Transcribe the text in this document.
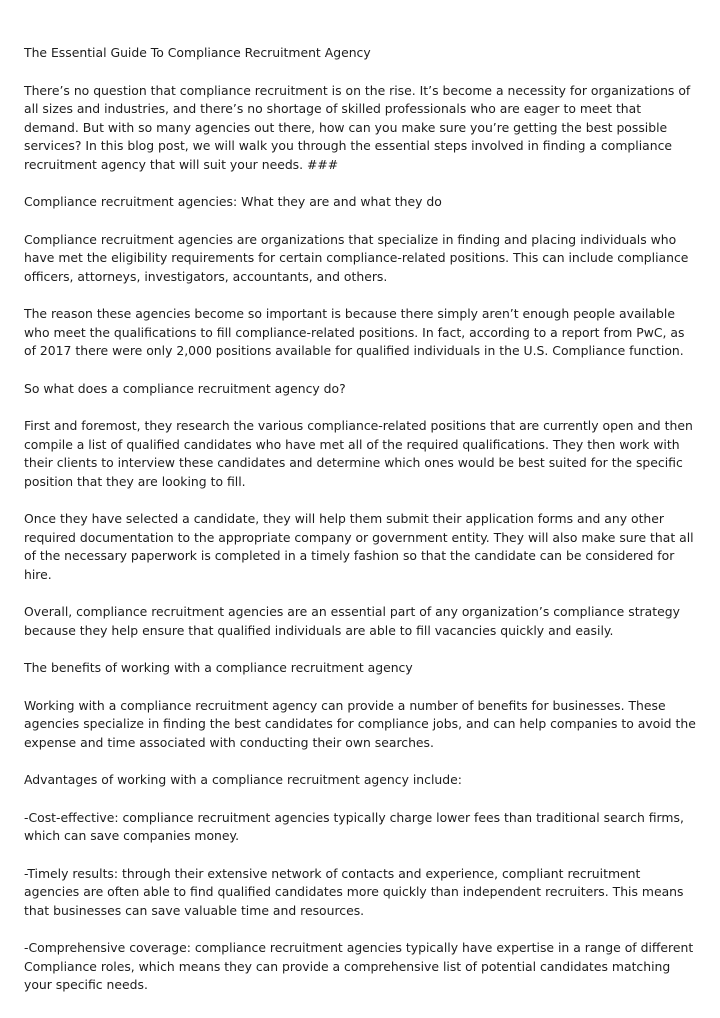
The Essential Guide To Compliance Recruitment Agency

There’s no question that compliance recruitment is on the rise. It’s become a necessity for organizations of all sizes and industries, and there’s no shortage of skilled professionals who are eager to meet that demand. But with so many agencies out there, how can you make sure you’re getting the best possible services? In this blog post, we will walk you through the essential steps involved in finding a compliance recruitment agency that will suit your needs. ###

Compliance recruitment agencies: What they are and what they do

Compliance recruitment agencies are organizations that specialize in finding and placing individuals who have met the eligibility requirements for certain compliance-related positions. This can include compliance officers, attorneys, investigators, accountants, and others.

The reason these agencies become so important is because there simply aren’t enough people available who meet the qualifications to fill compliance-related positions. In fact, according to a report from PwC, as of 2017 there were only 2,000 positions available for qualified individuals in the U.S. Compliance function.

So what does a compliance recruitment agency do?

First and foremost, they research the various compliance-related positions that are currently open and then compile a list of qualified candidates who have met all of the required qualifications. They then work with their clients to interview these candidates and determine which ones would be best suited for the specific position that they are looking to fill.

Once they have selected a candidate, they will help them submit their application forms and any other required documentation to the appropriate company or government entity. They will also make sure that all of the necessary paperwork is completed in a timely fashion so that the candidate can be considered for hire.

Overall, compliance recruitment agencies are an essential part of any organization’s compliance strategy because they help ensure that qualified individuals are able to fill vacancies quickly and easily.

The benefits of working with a compliance recruitment agency

Working with a compliance recruitment agency can provide a number of benefits for businesses. These agencies specialize in finding the best candidates for compliance jobs, and can help companies to avoid the expense and time associated with conducting their own searches.

Advantages of working with a compliance recruitment agency include:

-Cost-effective: compliance recruitment agencies typically charge lower fees than traditional search firms, which can save companies money.

-Timely results: through their extensive network of contacts and experience, compliant recruitment agencies are often able to find qualified candidates more quickly than independent recruiters. This means that businesses can save valuable time and resources.

-Comprehensive coverage: compliance recruitment agencies typically have expertise in a range of different Compliance roles, which means they can provide a comprehensive list of potential candidates matching your specific needs.
